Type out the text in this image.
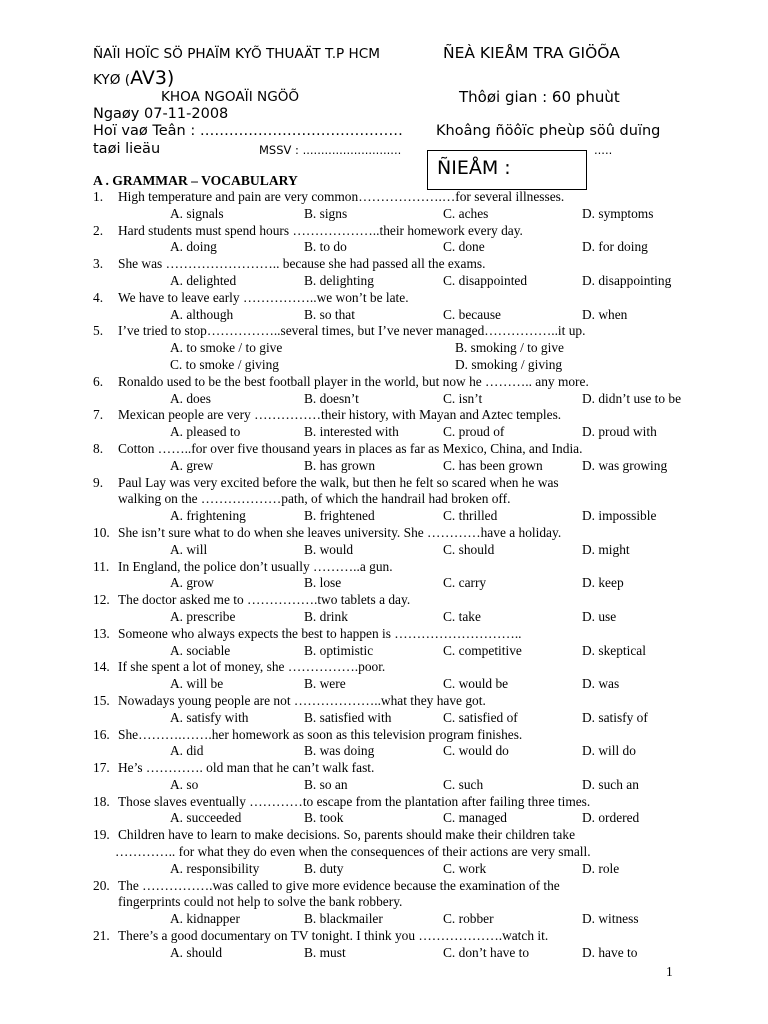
ÑAÏI HOÏC SÖ PHAÏM KYÕ THUAÄT T.P HCM	ÑEÀ KIEÅM TRA GIÖÕA
KYØ (AV3)
KHOA NGOAÏI NGÖÕ	Thôøi gian : 60 phuùt
Ngaøy 07-11-2008
Hoï vaø Teân : …………………………………… Khoâng ñöôïc pheùp söû duïng
taøi lieäu	MSSV : ...........................	.....
ÑIEÅM :
A . GRAMMAR – VOCABULARY
1. High temperature and pain are very common……………….…for several illnesses.
A. signals	B. signs	C. aches	D. symptoms
2. Hard students must spend hours ………………..their homework every day.
A. doing	B. to do	C. done	D. for doing
3. She was …………………….. because she had passed all the exams.
A. delighted	B. delighting	C. disappointed	D. disappointing
4. We have to leave early ……………..we won’t be late.
A. although	B. so that	C. because	D. when
5. I’ve tried to stop……………..several times, but I’ve never managed……………..it up.
A. to smoke / to give	B. smoking / to give
C. to smoke / giving	D. smoking / giving
6. Ronaldo used to be the best football player in the world, but now he ……….. any more.
A. does	B. doesn’t	C. isn’t	D. didn’t use to be
7. Mexican people are very ……………their history, with Mayan and Aztec temples.
A. pleased to	B. interested with	C. proud of	D. proud with
8. Cotton ……..for over five thousand years in places as far as Mexico, China, and India.
A. grew	B. has grown	C. has been grown	D. was growing
9. Paul Lay was very excited before the walk, but then he felt so scared when he was
walking on the ………………path, of which the handrail had broken off.
A. frightening	B. frightened	C. thrilled	D. impossible
10. She isn’t sure what to do when she leaves university. She …………have a holiday.
A. will	B. would	C. should	D. might
11. In England, the police don’t usually ………..a gun.
A. grow	B. lose	C. carry	D. keep
12. The doctor asked me to …………….two tablets a day.
A. prescribe	B. drink	C. take	D. use
13. Someone who always expects the best to happen is ………………………..
A. sociable	B. optimistic	C. competitive	D. skeptical
14. If she spent a lot of money, she …………….poor.
A. will be	B. were	C. would be	D. was
15. Nowadays young people are not ………………..what they have got.
A. satisfy with	B. satisfied with	C. satisfied of	D. satisfy of
16. She……….…….her homework as soon as this television program finishes.
A. did	B. was doing	C. would do	D. will do
17. He’s …………. old man that he can’t walk fast.
A. so	B. so an	C. such	D. such an
18. Those slaves eventually …………to escape from the plantation after failing three times.
A. succeeded	B. took	C. managed	D. ordered
19. Children have to learn to make decisions. So, parents should make their children take
………….. for what they do even when the consequences of their actions are very small.
A. responsibility	B. duty	C. work	D. role
20. The …………….was called to give more evidence because the examination of the
fingerprints could not help to solve the bank robbery.
A. kidnapper	B. blackmailer	C. robber	D. witness
21. There’s a good documentary on TV tonight. I think you ……………….watch it.
A. should	B. must	C. don’t have to	D. have to
1
